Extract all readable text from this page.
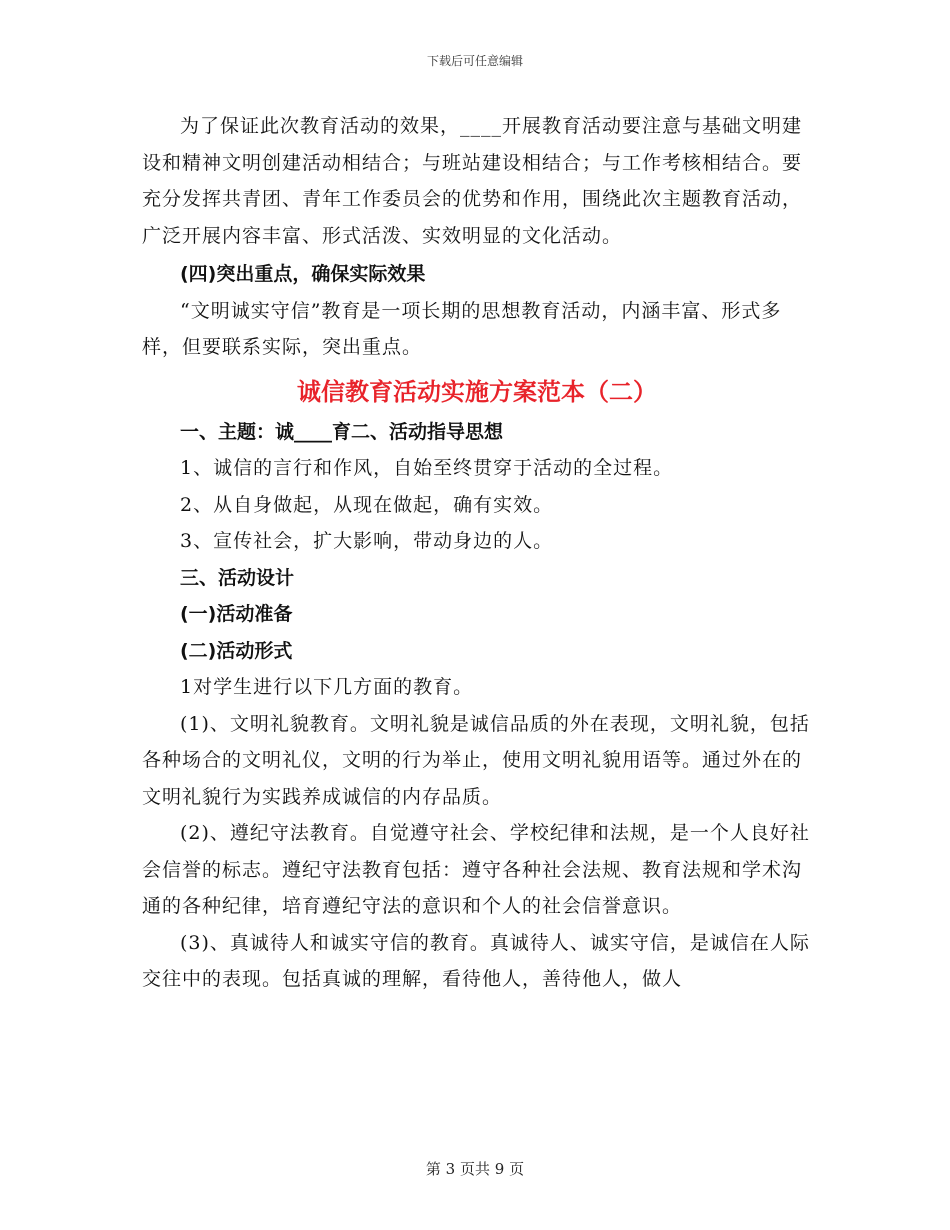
下载后可任意编辑

为了保证此次教育活动的效果，____开展教育活动要注意与基础文明建设和精神文明创建活动相结合；与班站建设相结合；与工作考核相结合。要充分发挥共青团、青年工作委员会的优势和作用，围绕此次主题教育活动，广泛开展内容丰富、形式活泼、实效明显的文化活动。

(四)突出重点，确保实际效果

“文明诚实守信”教育是一项长期的思想教育活动，内涵丰富、形式多样，但要联系实际，突出重点。

诚信教育活动实施方案范本（二）

一、主题：诚____育二、活动指导思想

1、诚信的言行和作风，自始至终贯穿于活动的全过程。

2、从自身做起，从现在做起，确有实效。

3、宣传社会，扩大影响，带动身边的人。

三、活动设计

(一)活动准备

(二)活动形式

1对学生进行以下几方面的教育。

(1)、文明礼貌教育。文明礼貌是诚信品质的外在表现，文明礼貌，包括各种场合的文明礼仪，文明的行为举止，使用文明礼貌用语等。通过外在的文明礼貌行为实践养成诚信的内存品质。

(2)、遵纪守法教育。自觉遵守社会、学校纪律和法规，是一个人良好社会信誉的标志。遵纪守法教育包括：遵守各种社会法规、教育法规和学术沟通的各种纪律，培育遵纪守法的意识和个人的社会信誉意识。

(3)、真诚待人和诚实守信的教育。真诚待人、诚实守信，是诚信在人际交往中的表现。包括真诚的理解，看待他人，善待他人，做人

第 3 页共 9 页
